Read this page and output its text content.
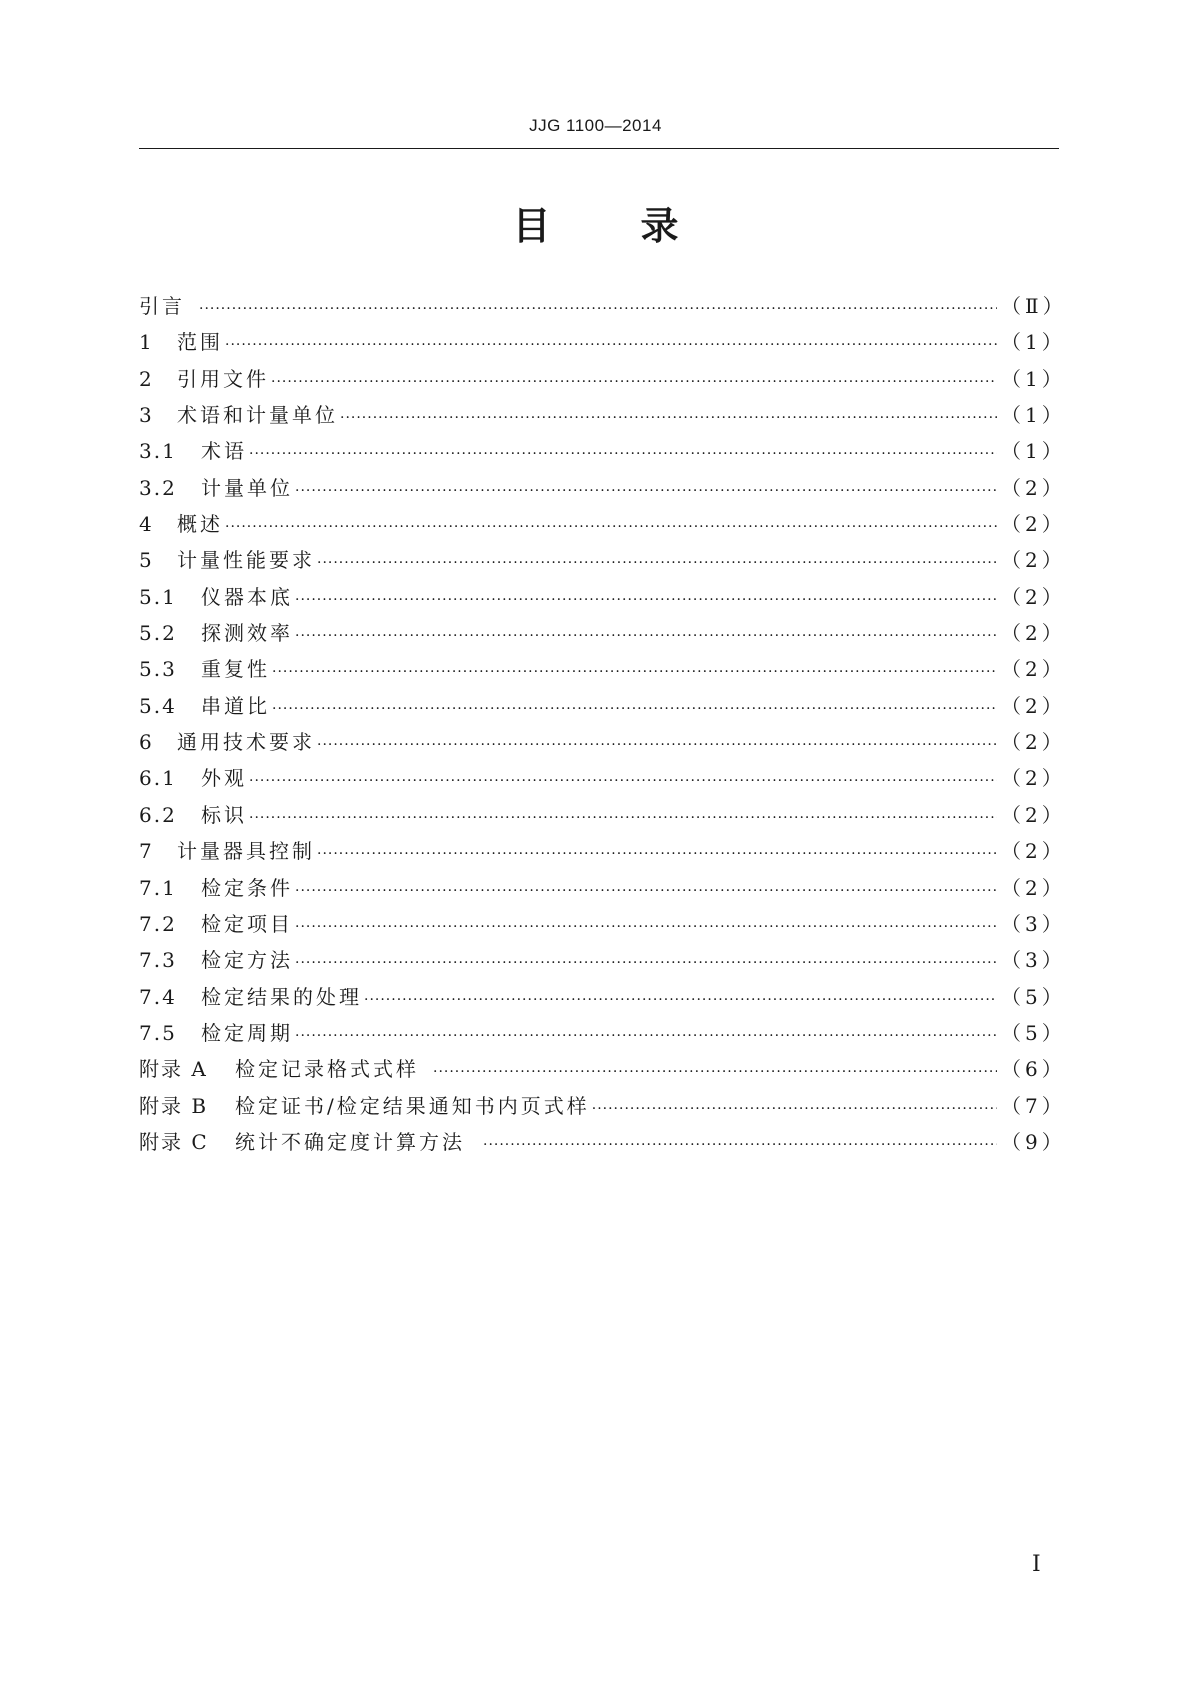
JJG 1100—2014
目 录
引言 ·····	（Ⅱ）
1	范围 ·····	（1）
2	引用文件 ·····	（1）
3	术语和计量单位 ·····	（1）
3.1	术语 ·····	（1）
3.2	计量单位 ·····	（2）
4	概述 ·····	（2）
5	计量性能要求 ·····	（2）
5.1	仪器本底 ·····	（2）
5.2	探测效率 ·····	（2）
5.3	重复性 ·····	（2）
5.4	串道比 ·····	（2）
6	通用技术要求 ·····	（2）
6.1	外观 ·····	（2）
6.2	标识 ·····	（2）
7	计量器具控制 ·····	（2）
7.1	检定条件 ·····	（2）
7.2	检定项目 ·····	（3）
7.3	检定方法 ·····	（3）
7.4	检定结果的处理 ·····	（5）
7.5	检定周期 ·····	（5）
附录 A	检定记录格式式样 ·····	（6）
附录 B	检定证书/检定结果通知书内页式样 ·····	（7）
附录 C	统计不确定度计算方法 ·····	（9）
Ⅰ
